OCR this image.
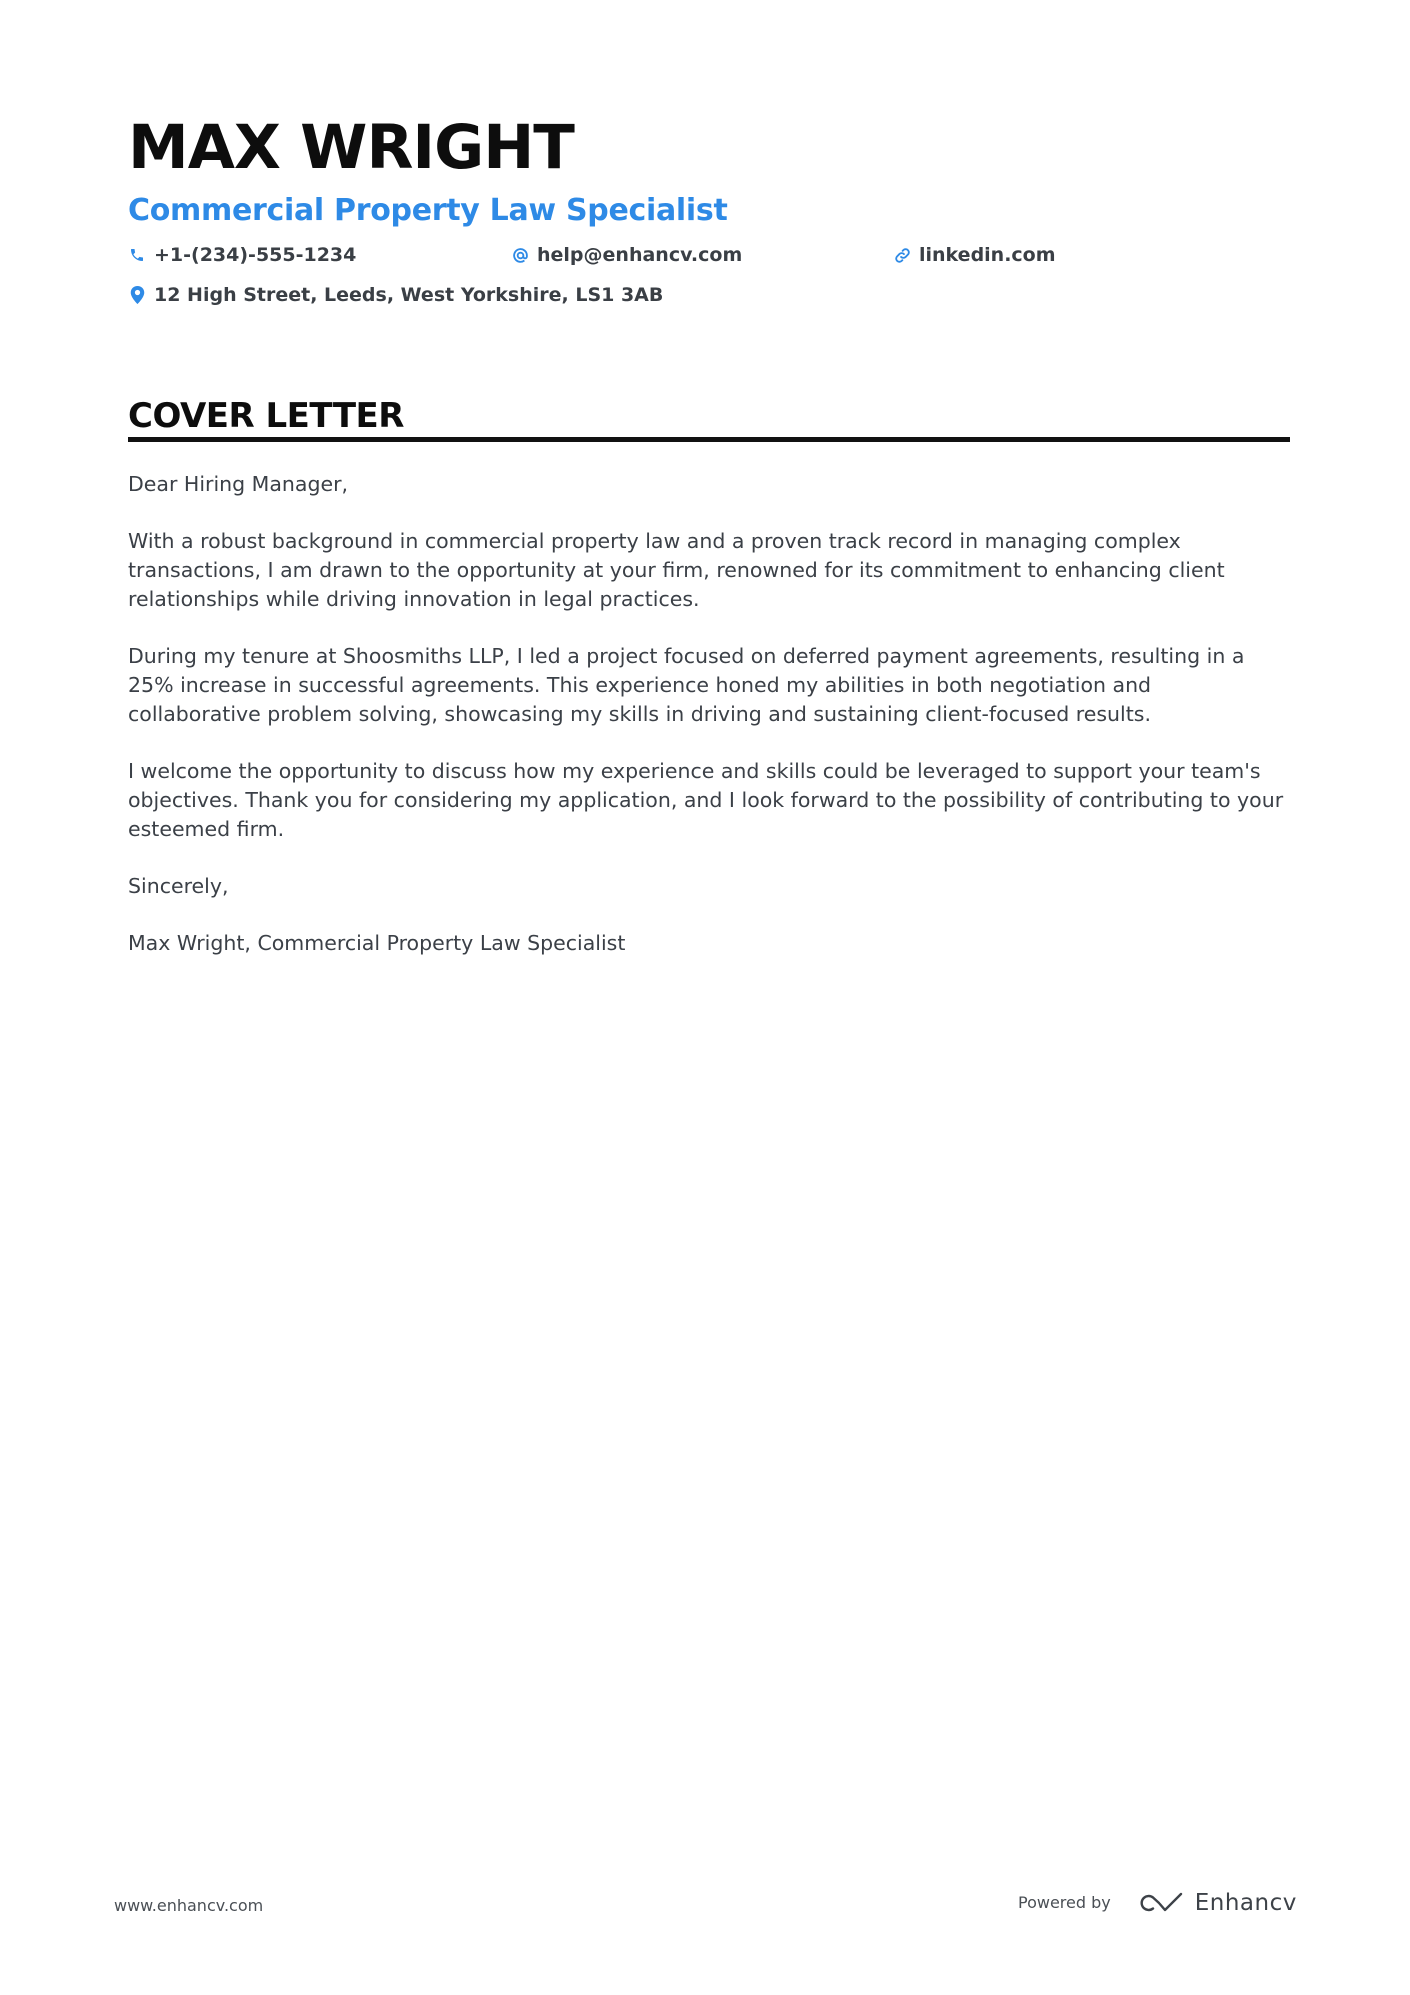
MAX WRIGHT
Commercial Property Law Specialist
+1-(234)-555-1234	help@enhancv.com	linkedin.com
12 High Street, Leeds, West Yorkshire, LS1 3AB
COVER LETTER

Dear Hiring Manager,

With a robust background in commercial property law and a proven track record in managing complex transactions, I am drawn to the opportunity at your firm, renowned for its commitment to enhancing client relationships while driving innovation in legal practices.

During my tenure at Shoosmiths LLP, I led a project focused on deferred payment agreements, resulting in a 25% increase in successful agreements. This experience honed my abilities in both negotiation and collaborative problem solving, showcasing my skills in driving and sustaining client-focused results.

I welcome the opportunity to discuss how my experience and skills could be leveraged to support your team's objectives. Thank you for considering my application, and I look forward to the possibility of contributing to your esteemed firm.

Sincerely,

Max Wright, Commercial Property Law Specialist

www.enhancv.com	Powered by	Enhancv
